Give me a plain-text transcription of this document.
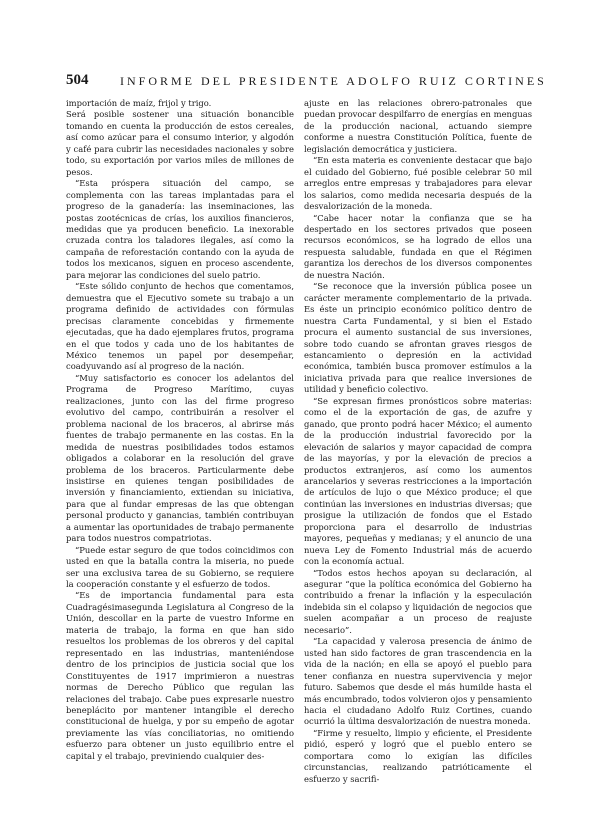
504	INFORME DEL PRESIDENTE ADOLFO RUIZ CORTINES

importación de maíz, frijol y trigo.

Será posible sostener una situación bonancible tomando en cuenta la producción de estos cereales, así como azúcar para el consumo interior, y algodón y café para cubrir las necesidades nacionales y sobre todo, su exportación por varios miles de millones de pesos.

“Esta próspera situación del campo, se complementa con las tareas implantadas para el progreso de la ganadería: las inseminaciones, las postas zootécnicas de crías, los auxilios financieros, medidas que ya producen beneficio. La inexorable cruzada contra los taladores ilegales, así como la campaña de reforestación contando con la ayuda de todos los mexicanos, siguen en proceso ascendente, para mejorar las condiciones del suelo patrio.

“Este sólido conjunto de hechos que comentamos, demuestra que el Ejecutivo somete su trabajo a un programa definido de actividades con fórmulas precisas claramente concebidas y firmemente ejecutadas, que ha dado ejemplares frutos, programa en el que todos y cada uno de los habitantes de México tenemos un papel por desempeñar, coadyuvando así al progreso de la nación.

“Muy satisfactorio es conocer los adelantos del Programa de Progreso Marítimo, cuyas realizaciones, junto con las del firme progreso evolutivo del campo, contribuirán a resolver el problema nacional de los braceros, al abrirse más fuentes de trabajo permanente en las costas. En la medida de nuestras posibilidades todos estamos obligados a colaborar en la resolución del grave problema de los braceros. Particularmente debe insistirse en quienes tengan posibilidades de inversión y financiamiento, extiendan su iniciativa, para que al fundar empresas de las que obtengan personal producto y ganancias, también contribuyan a aumentar las oportunidades de trabajo permanente para todos nuestros compatriotas.

“Puede estar seguro de que todos coincidimos con usted en que la batalla contra la miseria, no puede ser una exclusiva tarea de su Gobierno, se requiere la cooperación constante y el esfuerzo de todos.

“Es de importancia fundamental para esta Cuadragésimasegunda Legislatura al Congreso de la Unión, descollar en la parte de vuestro Informe en materia de trabajo, la forma en que han sido resueltos los problemas de los obreros y del capital representado en las industrias, manteniéndose dentro de los principios de justicia social que los Constituyentes de 1917 imprimieron a nuestras normas de Derecho Público que regulan las relaciones del trabajo. Cabe pues expresarle nuestro beneplácito por mantener intangible el derecho constitucional de huelga, y por su empeño de agotar previamente las vías conciliatorias, no omitiendo esfuerzo para obtener un justo equilibrio entre el capital y el trabajo, previniendo cualquier des-

ajuste en las relaciones obrero-patronales que puedan provocar despilfarro de energías en menguas de la producción nacional, actuando siempre conforme a nuestra Constitución Política, fuente de legislación democrática y justiciera.

“En esta materia es conveniente destacar que bajo el cuidado del Gobierno, fué posible celebrar 50 mil arreglos entre empresas y trabajadores para elevar los salarios, como medida necesaria después de la desvalorización de la moneda.

“Cabe hacer notar la confianza que se ha despertado en los sectores privados que poseen recursos económicos, se ha logrado de ellos una respuesta saludable, fundada en que el Régimen garantiza los derechos de los diversos componentes de nuestra Nación.

“Se reconoce que la inversión pública posee un carácter meramente complementario de la privada. Es éste un principio económico político dentro de nuestra Carta Fundamental, y si bien el Estado procura el aumento sustancial de sus inversiones, sobre todo cuando se afrontan graves riesgos de estancamiento o depresión en la actividad económica, también busca promover estímulos a la iniciativa privada para que realice inversiones de utilidad y beneficio colectivo.

“Se expresan firmes pronósticos sobre materias: como el de la exportación de gas, de azufre y ganado, que pronto podrá hacer México; el aumento de la producción industrial favorecido por la elevación de salarios y mayor capacidad de compra de las mayorías, y por la elevación de precios a productos extranjeros, así como los aumentos arancelarios y severas restricciones a la importación de artículos de lujo o que México produce; el que continúan las inversiones en industrias diversas; que prosigue la utilización de fondos que el Estado proporciona para el desarrollo de industrias mayores, pequeñas y medianas; y el anuncio de una nueva Ley de Fomento Industrial más de acuerdo con la economía actual.

“Todos estos hechos apoyan su declaración, al asegurar “que la política económica del Gobierno ha contribuido a frenar la inflación y la especulación indebida sin el colapso y liquidación de negocios que suelen acompañar a un proceso de reajuste necesario”.

“La capacidad y valerosa presencia de ánimo de usted han sido factores de gran trascendencia en la vida de la nación; en ella se apoyó el pueblo para tener confianza en nuestra supervivencia y mejor futuro. Sabemos que desde el más humilde hasta el más encumbrado, todos volvieron ojos y pensamiento hacia el ciudadano Adolfo Ruiz Cortines, cuando ocurrió la última desvalorización de nuestra moneda.

“Firme y resuelto, limpio y eficiente, el Presidente pidió, esperó y logró que el pueblo entero se comportara como lo exigían las difíciles circunstancias, realizando patrióticamente el esfuerzo y sacrifi-
